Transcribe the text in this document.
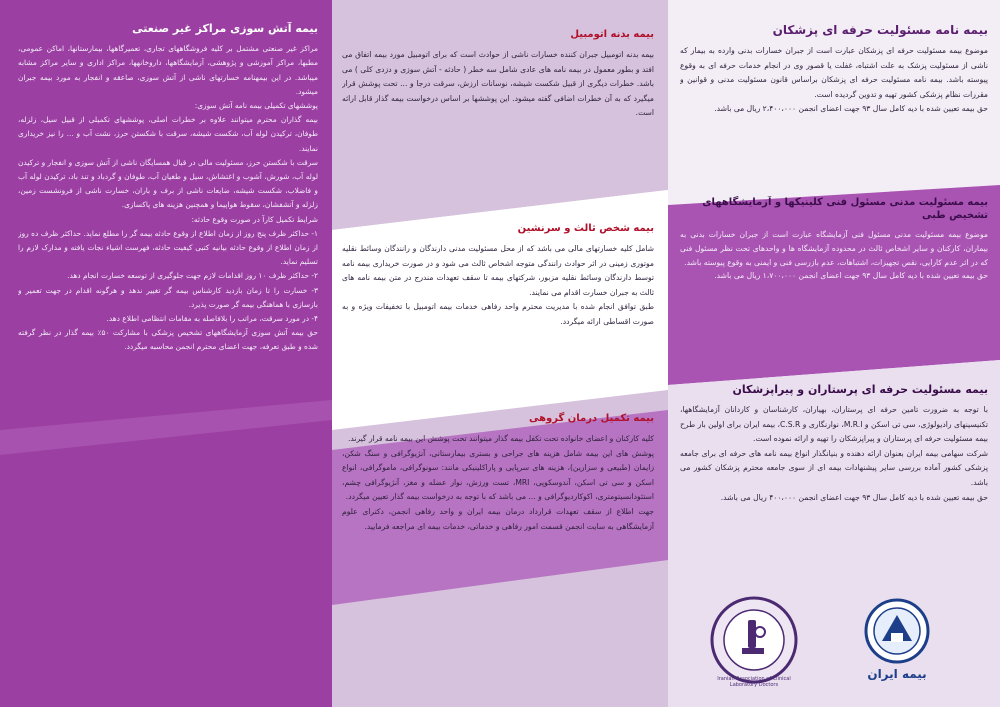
بیمه آتش سوزی مراکز غیر صنعتی

مراکز غیر صنعتی مشتمل بر کلیه فروشگاههای تجاری، تعمیرگاهها، بیمارستانها، اماکن عمومی، مطبها، مراکز آموزشی و پژوهشی، آزمایشگاهها، داروخانهها، مراکز اداری و سایر مراکز مشابه میباشد. در این بیمهنامه خسارتهای ناشی از آتش سوزی، صاعقه و انفجار به مورد بیمه جبران میشود.

پوششهای تکمیلی بیمه نامه آتش سوزی:

بیمه گذاران محترم میتوانند علاوه بر خطرات اصلی، پوششهای تکمیلی از قبیل سیل، زلزله، طوفان، ترکیدن لوله آب، شکست شیشه، سرقت با شکستن حرز، نشت آب و ... را نیز خریداری نمایند.

سرقت با شکستن حرز، مسئولیت مالی در قبال همسایگان ناشی از آتش سوزی و انفجار و ترکیدن لوله آب، شورش، آشوب و اغتشاش، سیل و طغیان آب، طوفان و گردباد و تند باد، ترکیدن لوله آب و فاضلاب، شکست شیشه، ضایعات ناشی از برف و باران، خسارت ناشی از فرونشست زمین، زلزله و آتشفشان، سقوط هواپیما و همچنین هزینه های پاکسازی.

شرایط تکمیل کارآ در صورت وقوع حادثه:

۱- حداکثر ظرف پنج روز از زمان اطلاع از وقوع حادثه بیمه گر را مطلع نماید. حداکثر ظرف ده روز از زمان اطلاع از وقوع حادثه بیانیه کتبی کیفیت حادثه، فهرست اشیاء نجات یافته و مدارک لازم را تسلیم نماید.

۲- حداکثر ظرف ۱۰ روز اقدامات لازم جهت جلوگیری از توسعه خسارت انجام دهد.

۳- خسارت را تا زمان بازدید کارشناس بیمه گر تغییر ندهد و هرگونه اقدام در جهت تعمیر و بازسازی با هماهنگی بیمه گر صورت پذیرد.

۴- در مورد سرقت، مراتب را بلافاصله به مقامات انتظامی اطلاع دهد.

حق بیمه آتش سوزی آزمایشگاههای تشخیص پزشکی با مشارکت ۵۰٪ بیمه گذار در نظر گرفته شده و طبق تعرفه، جهت اعضای محترم انجمن محاسبه میگردد.

بیمه بدنه اتومبیل

بیمه بدنه اتومبیل جبران کننده خسارات ناشی از حوادث است که برای اتومبیل مورد بیمه اتفاق می افتد و بطور معمول در بیمه نامه های عادی شامل سه خطر ( حادثه - آتش سوزی و دزدی کلی ) می باشد. خطرات دیگری از قبیل شکست شیشه، نوسانات ارزش، سرقت درجا و ... تحت پوشش قرار میگیرد که به آن خطرات اضافی گفته میشود. این پوششها بر اساس درخواست بیمه گذار قابل ارائه است.

بیمه شخص ثالث و سرنشین

شامل کلیه خسارتهای مالی می باشد که از محل مسئولیت مدنی دارندگان و رانندگان وسائط نقلیه موتوری زمینی در اثر حوادث رانندگی متوجه اشخاص ثالث می شود و در صورت خریداری بیمه نامه توسط دارندگان وسائط نقلیه مزبور، شرکتهای بیمه تا سقف تعهدات مندرج در متن بیمه نامه های ثالث به جبران خسارت اقدام می نمایند.

طبق توافق انجام شده با مدیریت محترم واحد رفاهی خدمات بیمه اتومبیل با تخفیفات ویژه و به صورت اقساطی ارائه میگردد.

بیمه تکمیل درمان گروهی

کلیه کارکنان و اعضای خانواده تحت تکفل بیمه گذار میتوانند تحت پوشش این بیمه نامه قرار گیرند.

پوشش های این بیمه شامل هزینه های جراحی و بستری بیمارستانی، آنژیوگرافی و سنگ شکن، زایمان (طبیعی و سزارین)، هزینه های سرپایی و پاراکلینیکی مانند: سونوگرافی، ماموگرافی، انواع اسکن و سی تی اسکن، آندوسکوپی، MRI، تست ورزش، نوار عضله و مغز، آنژیوگرافی چشم، استئودانسیتومتری، اکوکاردیوگرافی و ... می باشد که با توجه به درخواست بیمه گذار تعیین میگردد.

جهت اطلاع از سقف تعهدات قرارداد درمان بیمه ایران و واحد رفاهی انجمن، دکترای علوم آزمایشگاهی به سایت انجمن قسمت امور رفاهی و خدماتی، خدمات بیمه ای مراجعه فرمایید.

بیمه نامه مسئولیت حرفه ای پزشکان

موضوع بیمه مسئولیت حرفه ای پزشکان عبارت است از جبران خسارات بدنی وارده به بیمار که ناشی از مسئولیت پزشک به علت اشتباه، غفلت یا قصور وی در انجام خدمات حرفه ای به وقوع پیوسته باشد. بیمه نامه مسئولیت حرفه ای پزشکان براساس قانون مسئولیت مدنی و قوانین و مقررات نظام پزشکی کشور تهیه و تدوین گردیده است.

حق بیمه تعیین شده با دیه کامل سال ۹۳ جهت اعضای انجمن ۲،۴۰۰،۰۰۰ ریال می باشد.

بیمه مسئولیت مدنی مسئول فنی کلینیکها و آزمایشگاههای تشخیص طبی

موضوع بیمه مسئولیت مدنی مسئول فنی آزمایشگاه عبارت است از جبران خسارات بدنی به بیماران، کارکنان و سایر اشخاص ثالث در محدوده آزمایشگاه ها و واحدهای تحت نظر مسئول فنی که در اثر عدم کارایی، نقص تجهیزات، اشتباهات، عدم بازرسی فنی و ایمنی به وقوع پیوسته باشد.

حق بیمه تعیین شده با دیه کامل سال ۹۳ جهت اعضای انجمن ۱،۷۰۰،۰۰۰ ریال می باشد.

بیمه مسئولیت حرفه ای پرستاران و پیراپزشکان

با توجه به ضرورت تامین حرفه ای پرستاران، بهیاران، کارشناسان و کاردانان آزمایشگاهها، تکنیسینهای رادیولوژی، سی تی اسکن و M.R.I، نوارنگاری و C.S.R، بیمه ایران برای اولین بار طرح بیمه مسئولیت حرفه ای پرستاران و پیراپزشکان را تهیه و ارائه نموده است.

شرکت سهامی بیمه ایران بعنوان ارائه دهنده و بنیانگذار انواع بیمه نامه های حرفه ای برای جامعه پزشکی کشور آماده بررسی سایر پیشنهادات بیمه ای از سوی جامعه محترم پزشکان کشور می باشد.

حق بیمه تعیین شده با دیه کامل سال ۹۳ جهت اعضای انجمن ۴۰۰،۰۰۰ ریال می باشد.

بیمه ایران
Iranian Association of Clinical Laboratory Doctors
